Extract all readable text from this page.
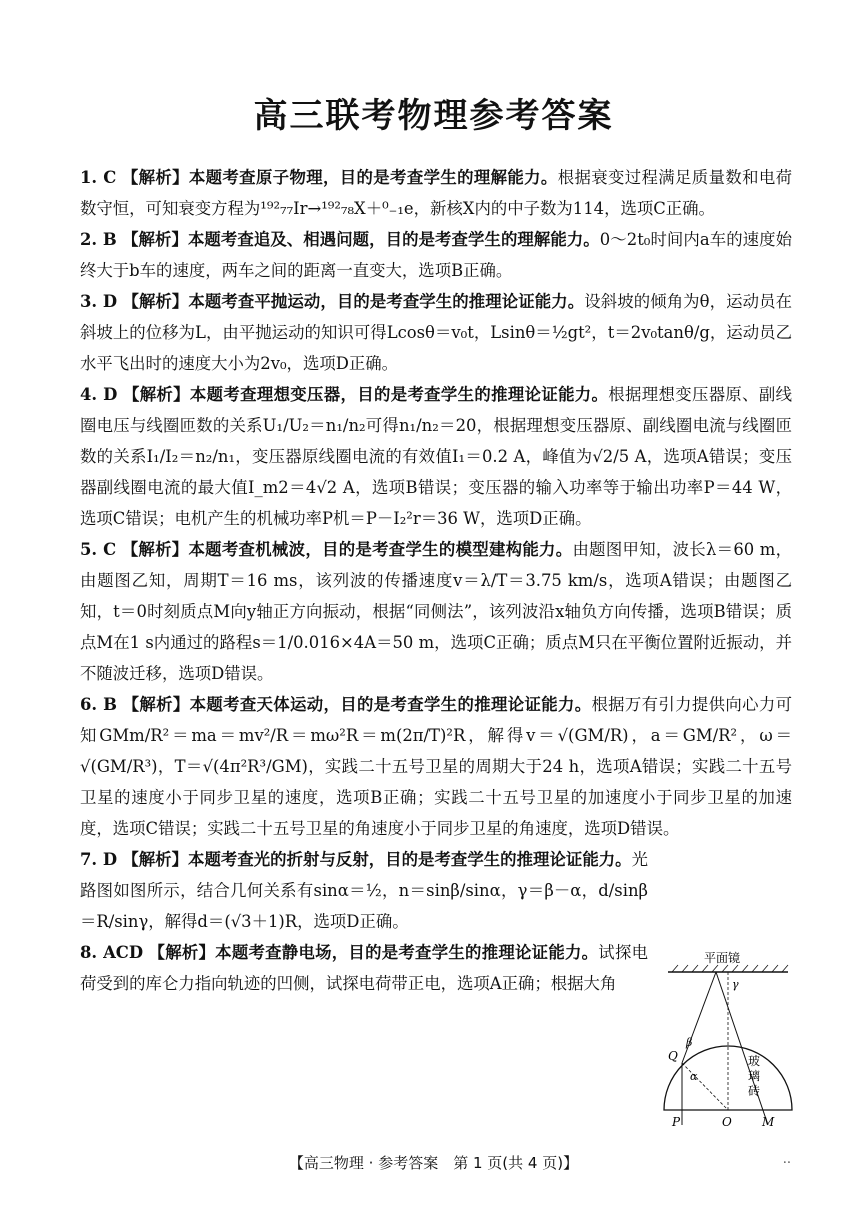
高三联考物理参考答案
1. C 【解析】本题考查原子物理，目的是考查学生的理解能力。根据衰变过程满足质量数和电荷数守恒，可知衰变方程为¹⁹²₇₇Ir→¹⁹²₇₈X＋⁰₋₁e，新核X内的中子数为114，选项C正确。
2. B 【解析】本题考查追及、相遇问题，目的是考查学生的理解能力。0～2t₀时间内a车的速度始终大于b车的速度，两车之间的距离一直变大，选项B正确。
3. D 【解析】本题考查平抛运动，目的是考查学生的推理论证能力。设斜坡的倾角为θ，运动员在斜坡上的位移为L，由平抛运动的知识可得Lcosθ＝v₀t，Lsinθ＝½gt²，t＝2v₀tanθ/g，运动员乙水平飞出时的速度大小为2v₀，选项D正确。
4. D 【解析】本题考查理想变压器，目的是考查学生的推理论证能力。根据理想变压器原、副线圈电压与线圈匝数的关系U₁/U₂＝n₁/n₂可得n₁/n₂＝20，根据理想变压器原、副线圈电流与线圈匝数的关系I₁/I₂＝n₂/n₁，变压器原线圈电流的有效值I₁＝0.2 A，峰值为√2/5 A，选项A错误；变压器副线圈电流的最大值I_m2＝4√2 A，选项B错误；变压器的输入功率等于输出功率P＝44 W，选项C错误；电机产生的机械功率P机＝P－I₂²r＝36 W，选项D正确。
5. C 【解析】本题考查机械波，目的是考查学生的模型建构能力。由题图甲知，波长λ＝60 m，由题图乙知，周期T＝16 ms，该列波的传播速度v＝λ/T＝3.75 km/s，选项A错误；由题图乙知，t＝0时刻质点M向y轴正方向振动，根据“同侧法”，该列波沿x轴负方向传播，选项B错误；质点M在1 s内通过的路程s＝1/0.016×4A＝50 m，选项C正确；质点M只在平衡位置附近振动，并不随波迁移，选项D错误。
6. B 【解析】本题考查天体运动，目的是考查学生的推理论证能力。根据万有引力提供向心力可知GMm/R²＝ma＝mv²/R＝mω²R＝m(2π/T)²R，解得v＝√(GM/R)，a＝GM/R²，ω＝√(GM/R³)，T＝√(4π²R³/GM)，实践二十五号卫星的周期大于24 h，选项A错误；实践二十五号卫星的速度小于同步卫星的速度，选项B正确；实践二十五号卫星的加速度小于同步卫星的加速度，选项C错误；实践二十五号卫星的角速度小于同步卫星的角速度，选项D错误。
7. D 【解析】本题考查光的折射与反射，目的是考查学生的推理论证能力。光路图如图所示，结合几何关系有sinα＝½，n＝sinβ/sinα，γ＝β－α，d/sinβ＝R/sinγ，解得d＝(√3＋1)R，选项D正确。
8. ACD 【解析】本题考查静电场，目的是考查学生的推理论证能力。试探电荷受到的库仑力指向轨迹的凹侧，试探电荷带正电，选项A正确；根据大角
平面镜
玻
璃
砖
Q
P	O	M
α
β
γ
【高三物理 · 参考答案　第 1 页(共 4 页)】	..
